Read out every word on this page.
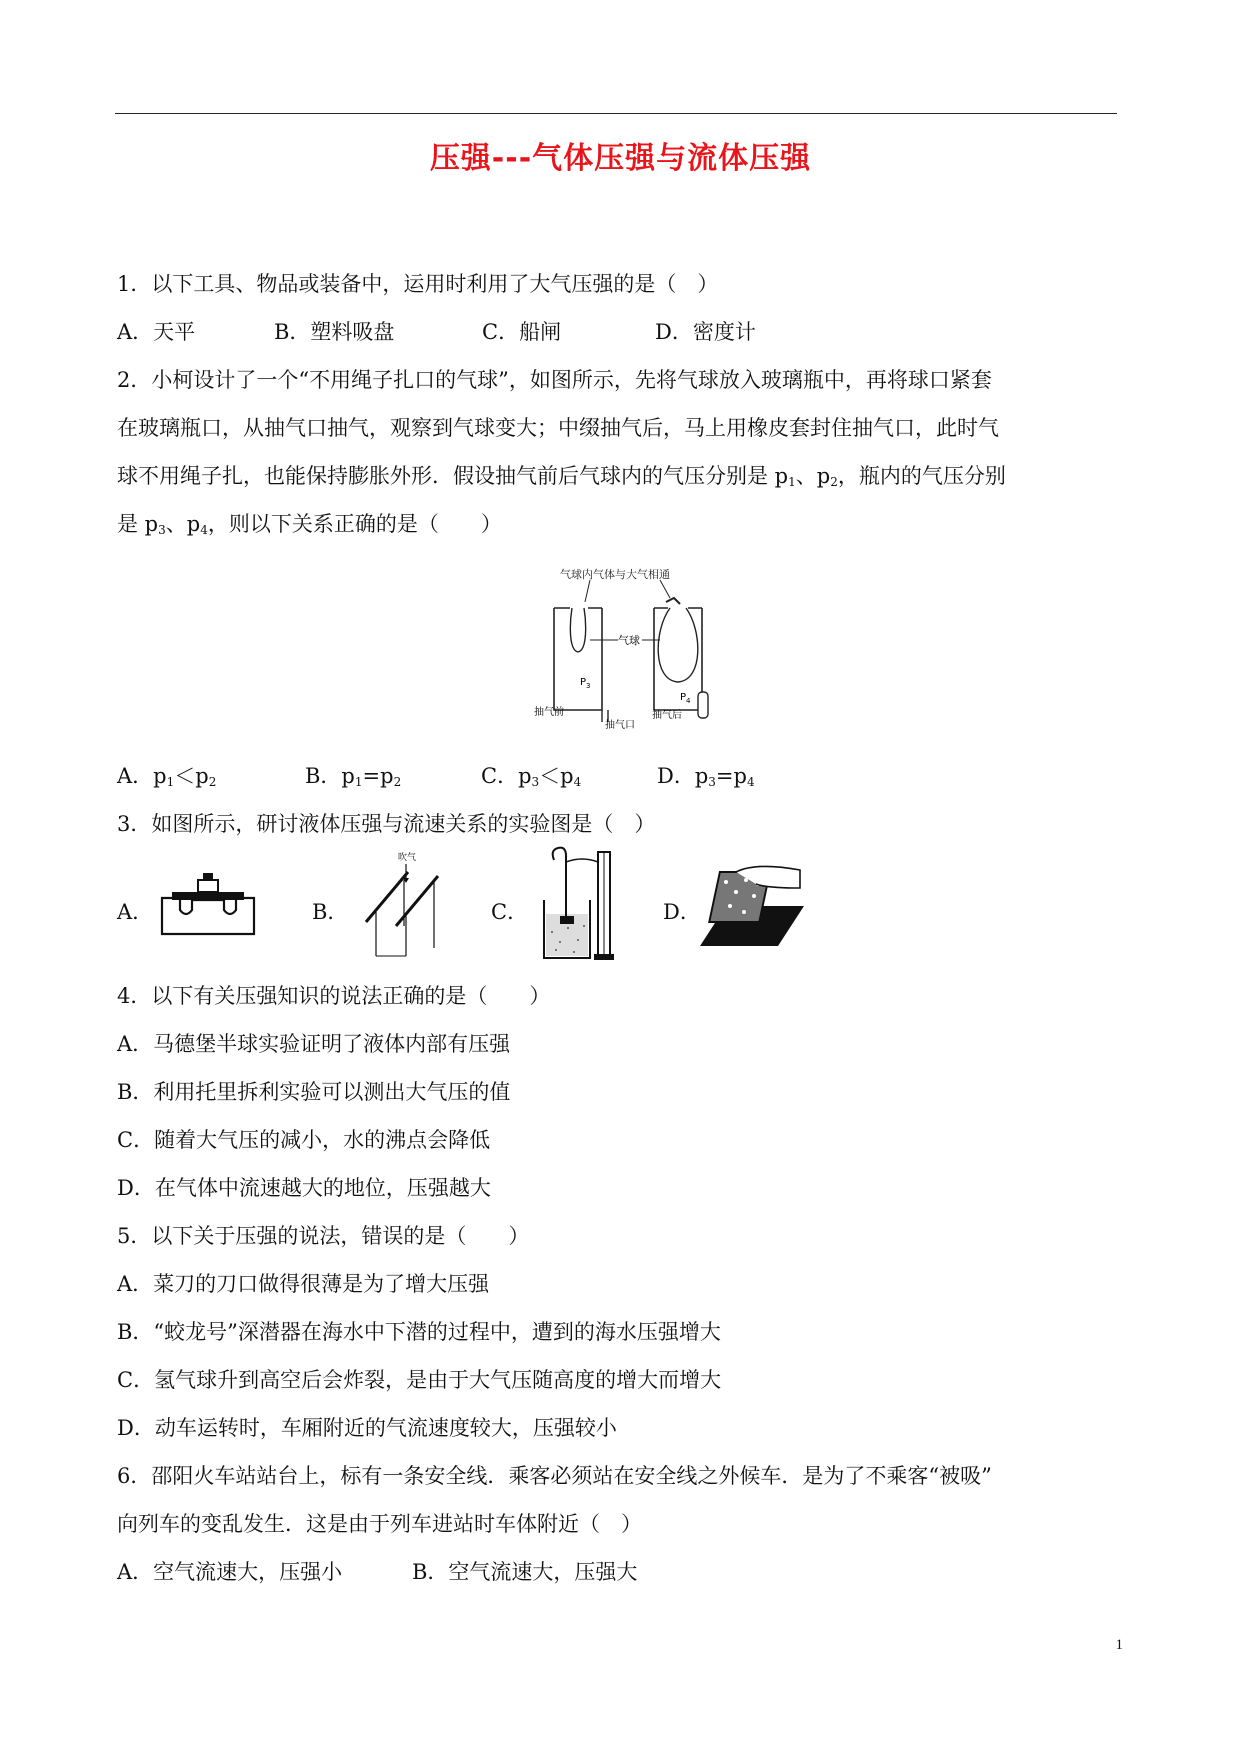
压强---气体压强与流体压强
1．以下工具、物品或装备中，运用时利用了大气压强的是（　）
A．天平	B．塑料吸盘	C．船闸	D．密度计
2．小柯设计了一个“不用绳子扎口的气球”，如图所示，先将气球放入玻璃瓶中，再将球口紧套
在玻璃瓶口，从抽气口抽气，观察到气球变大；中缀抽气后，马上用橡皮套封住抽气口，此时气
球不用绳子扎，也能保持膨胀外形．假设抽气前后气球内的气压分别是 $p_1$、$p_2$，瓶内的气压分别
是 $p_3$、$p_4$，则以下关系正确的是（　　）
气球内气体与大气相通
$P_3$
抽气前
抽气口
气球
$P_4$
抽气后
A．$p_1<p_2$	B．$p_1=p_2$	C．$p_3<p_4$	D．$p_3=p_4$
3．如图所示，研讨液体压强与流速关系的实验图是（　）
A．	B．	C．	D．
吹气
4．以下有关压强知识的说法正确的是（　　）
A．马德堡半球实验证明了液体内部有压强
B．利用托里拆利实验可以测出大气压的值
C．随着大气压的减小，水的沸点会降低
D．在气体中流速越大的地位，压强越大
5．以下关于压强的说法，错误的是（　　）
A．菜刀的刀口做得很薄是为了增大压强
B．“蛟龙号”深潜器在海水中下潜的过程中，遭到的海水压强增大
C．氢气球升到高空后会炸裂，是由于大气压随高度的增大而增大
D．动车运转时，车厢附近的气流速度较大，压强较小
6．邵阳火车站站台上，标有一条安全线．乘客必须站在安全线之外候车．是为了不乘客“被吸”
向列车的变乱发生．这是由于列车进站时车体附近（　）
A．空气流速大，压强小	B．空气流速大，压强大
1
